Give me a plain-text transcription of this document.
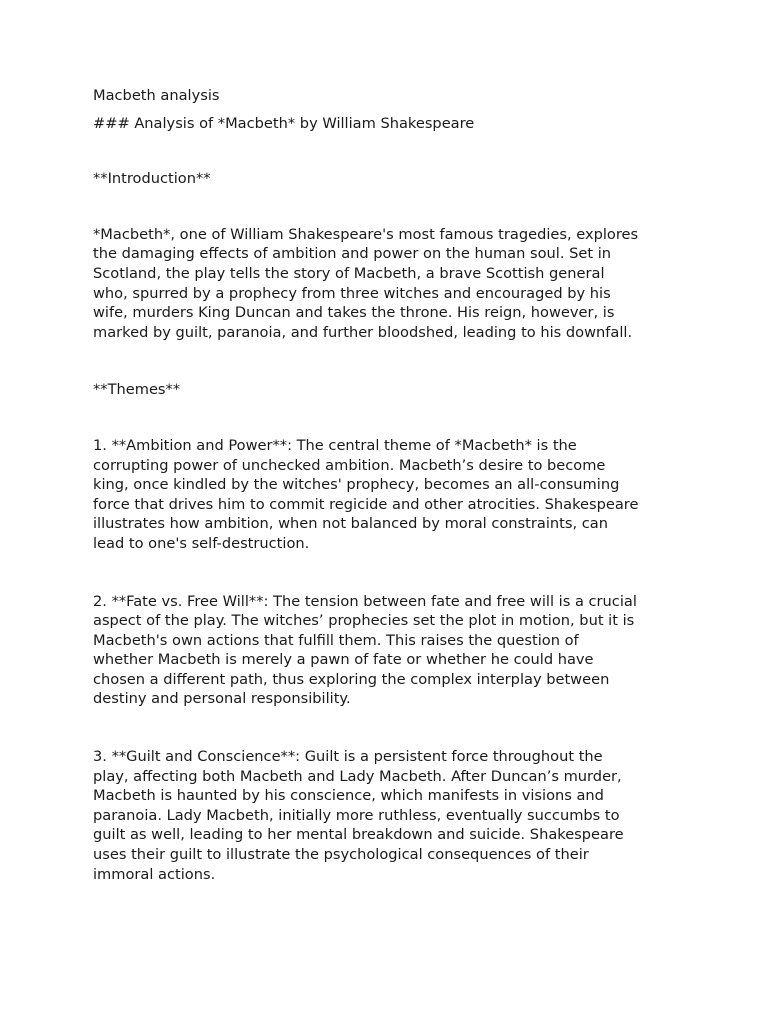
Macbeth analysis

### Analysis of *Macbeth* by William Shakespeare

**Introduction**

*Macbeth*, one of William Shakespeare's most famous tragedies, explores

the damaging effects of ambition and power on the human soul. Set in

Scotland, the play tells the story of Macbeth, a brave Scottish general

who, spurred by a prophecy from three witches and encouraged by his

wife, murders King Duncan and takes the throne. His reign, however, is

marked by guilt, paranoia, and further bloodshed, leading to his downfall.

**Themes**

1. **Ambition and Power**: The central theme of *Macbeth* is the

corrupting power of unchecked ambition. Macbeth’s desire to become

king, once kindled by the witches' prophecy, becomes an all-consuming

force that drives him to commit regicide and other atrocities. Shakespeare

illustrates how ambition, when not balanced by moral constraints, can

lead to one's self-destruction.

2. **Fate vs. Free Will**: The tension between fate and free will is a crucial

aspect of the play. The witches’ prophecies set the plot in motion, but it is

Macbeth's own actions that fulfill them. This raises the question of

whether Macbeth is merely a pawn of fate or whether he could have

chosen a different path, thus exploring the complex interplay between

destiny and personal responsibility.

3. **Guilt and Conscience**: Guilt is a persistent force throughout the

play, affecting both Macbeth and Lady Macbeth. After Duncan’s murder,

Macbeth is haunted by his conscience, which manifests in visions and

paranoia. Lady Macbeth, initially more ruthless, eventually succumbs to

guilt as well, leading to her mental breakdown and suicide. Shakespeare

uses their guilt to illustrate the psychological consequences of their

immoral actions.
